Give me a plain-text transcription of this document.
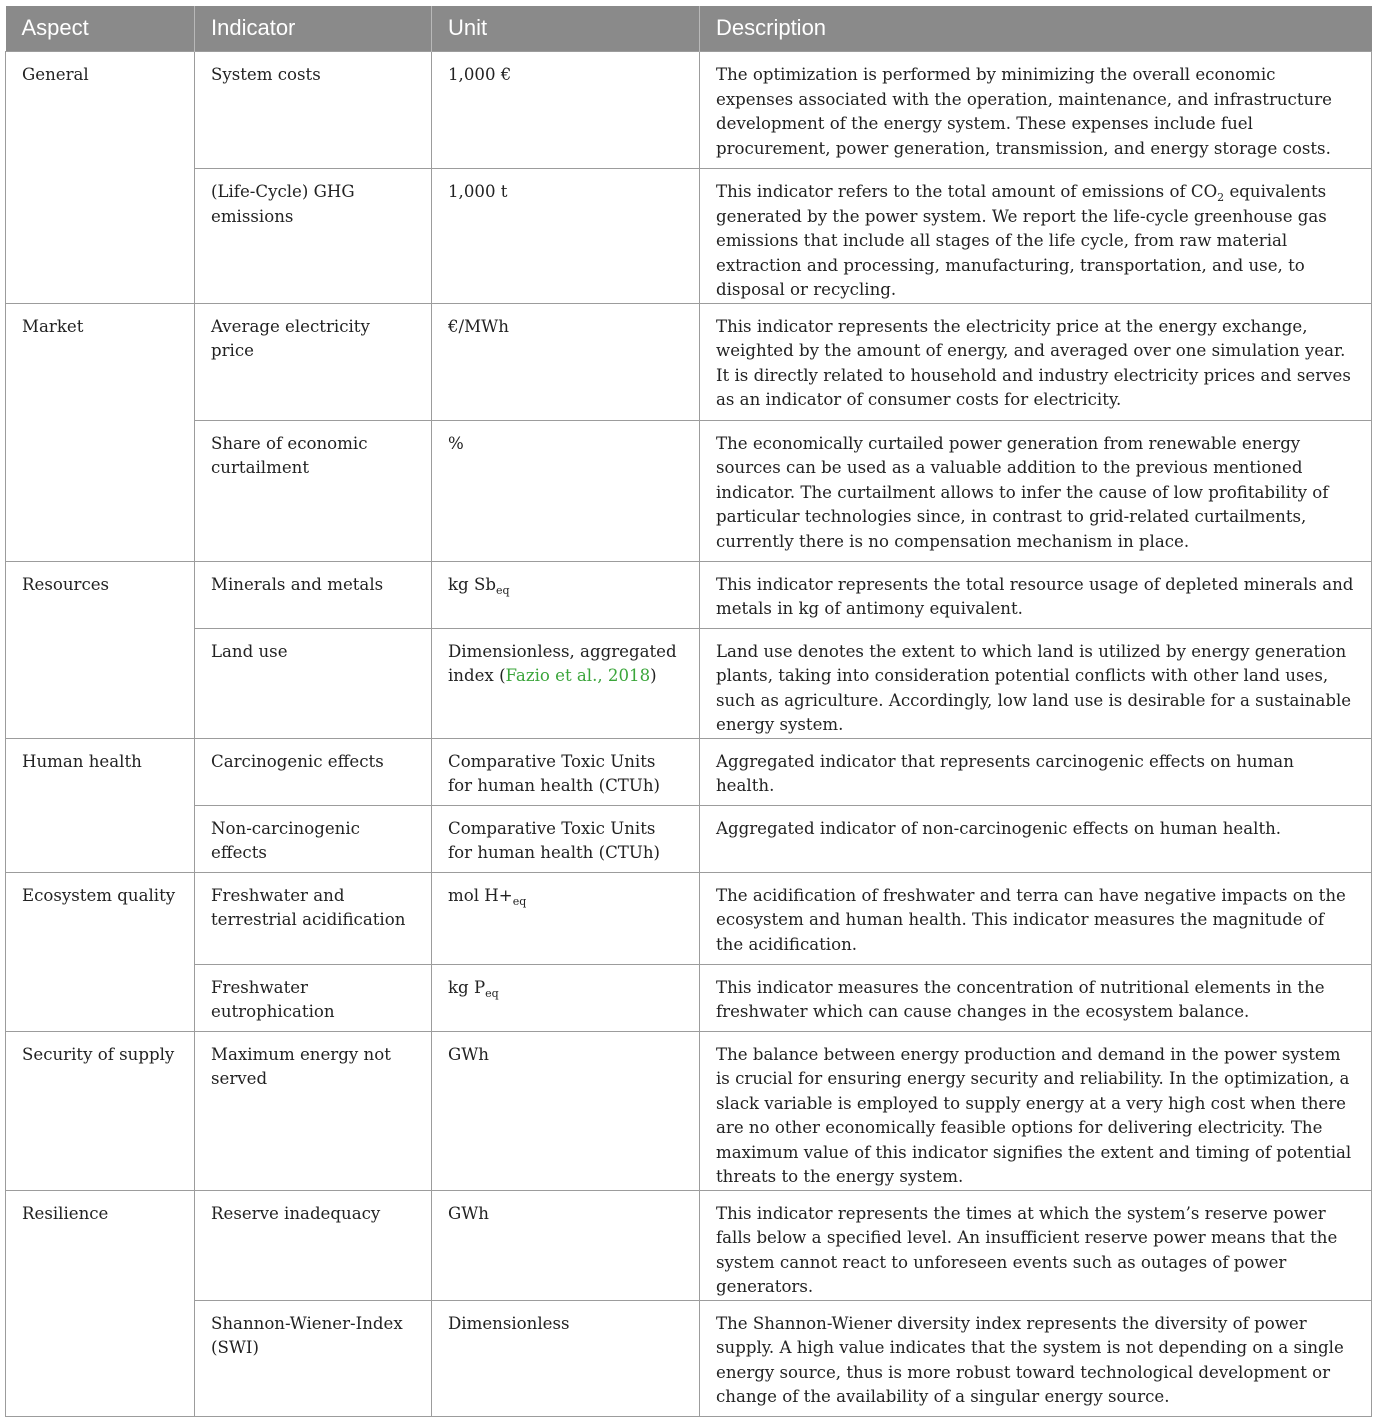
Aspect	Indicator	Unit	Description
General	System costs	1,000 €	The optimization is performed by minimizing the overall economic expenses associated with the operation, maintenance, and infrastructure development of the energy system. These expenses include fuel procurement, power generation, transmission, and energy storage costs.
	(Life-Cycle) GHG emissions	1,000 t	This indicator refers to the total amount of emissions of $CO_2$ equivalents generated by the power system. We report the life-cycle greenhouse gas emissions that include all stages of the life cycle, from raw material extraction and processing, manufacturing, transportation, and use, to disposal or recycling.
Market	Average electricity price	€/MWh	This indicator represents the electricity price at the energy exchange, weighted by the amount of energy, and averaged over one simulation year. It is directly related to household and industry electricity prices and serves as an indicator of consumer costs for electricity.
	Share of economic curtailment	%	The economically curtailed power generation from renewable energy sources can be used as a valuable addition to the previous mentioned indicator. The curtailment allows to infer the cause of low profitability of particular technologies since, in contrast to grid-related curtailments, currently there is no compensation mechanism in place.
Resources	Minerals and metals	kg $Sb_{eq}$	This indicator represents the total resource usage of depleted minerals and metals in kg of antimony equivalent.
	Land use	Dimensionless, aggregated index (Fazio et al., 2018)	Land use denotes the extent to which land is utilized by energy generation plants, taking into consideration potential conflicts with other land uses, such as agriculture. Accordingly, low land use is desirable for a sustainable energy system.
Human health	Carcinogenic effects	Comparative Toxic Units for human health (CTUh)	Aggregated indicator that represents carcinogenic effects on human health.
	Non-carcinogenic effects	Comparative Toxic Units for human health (CTUh)	Aggregated indicator of non-carcinogenic effects on human health.
Ecosystem quality	Freshwater and terrestrial acidification	mol $H+_{eq}$	The acidification of freshwater and terra can have negative impacts on the ecosystem and human health. This indicator measures the magnitude of the acidification.
	Freshwater eutrophication	kg $P_{eq}$	This indicator measures the concentration of nutritional elements in the freshwater which can cause changes in the ecosystem balance.
Security of supply	Maximum energy not served	GWh	The balance between energy production and demand in the power system is crucial for ensuring energy security and reliability. In the optimization, a slack variable is employed to supply energy at a very high cost when there are no other economically feasible options for delivering electricity. The maximum value of this indicator signifies the extent and timing of potential threats to the energy system.
Resilience	Reserve inadequacy	GWh	This indicator represents the times at which the system’s reserve power falls below a specified level. An insufficient reserve power means that the system cannot react to unforeseen events such as outages of power generators.
	Shannon-Wiener-Index (SWI)	Dimensionless	The Shannon-Wiener diversity index represents the diversity of power supply. A high value indicates that the system is not depending on a single energy source, thus is more robust toward technological development or change of the availability of a singular energy source.
